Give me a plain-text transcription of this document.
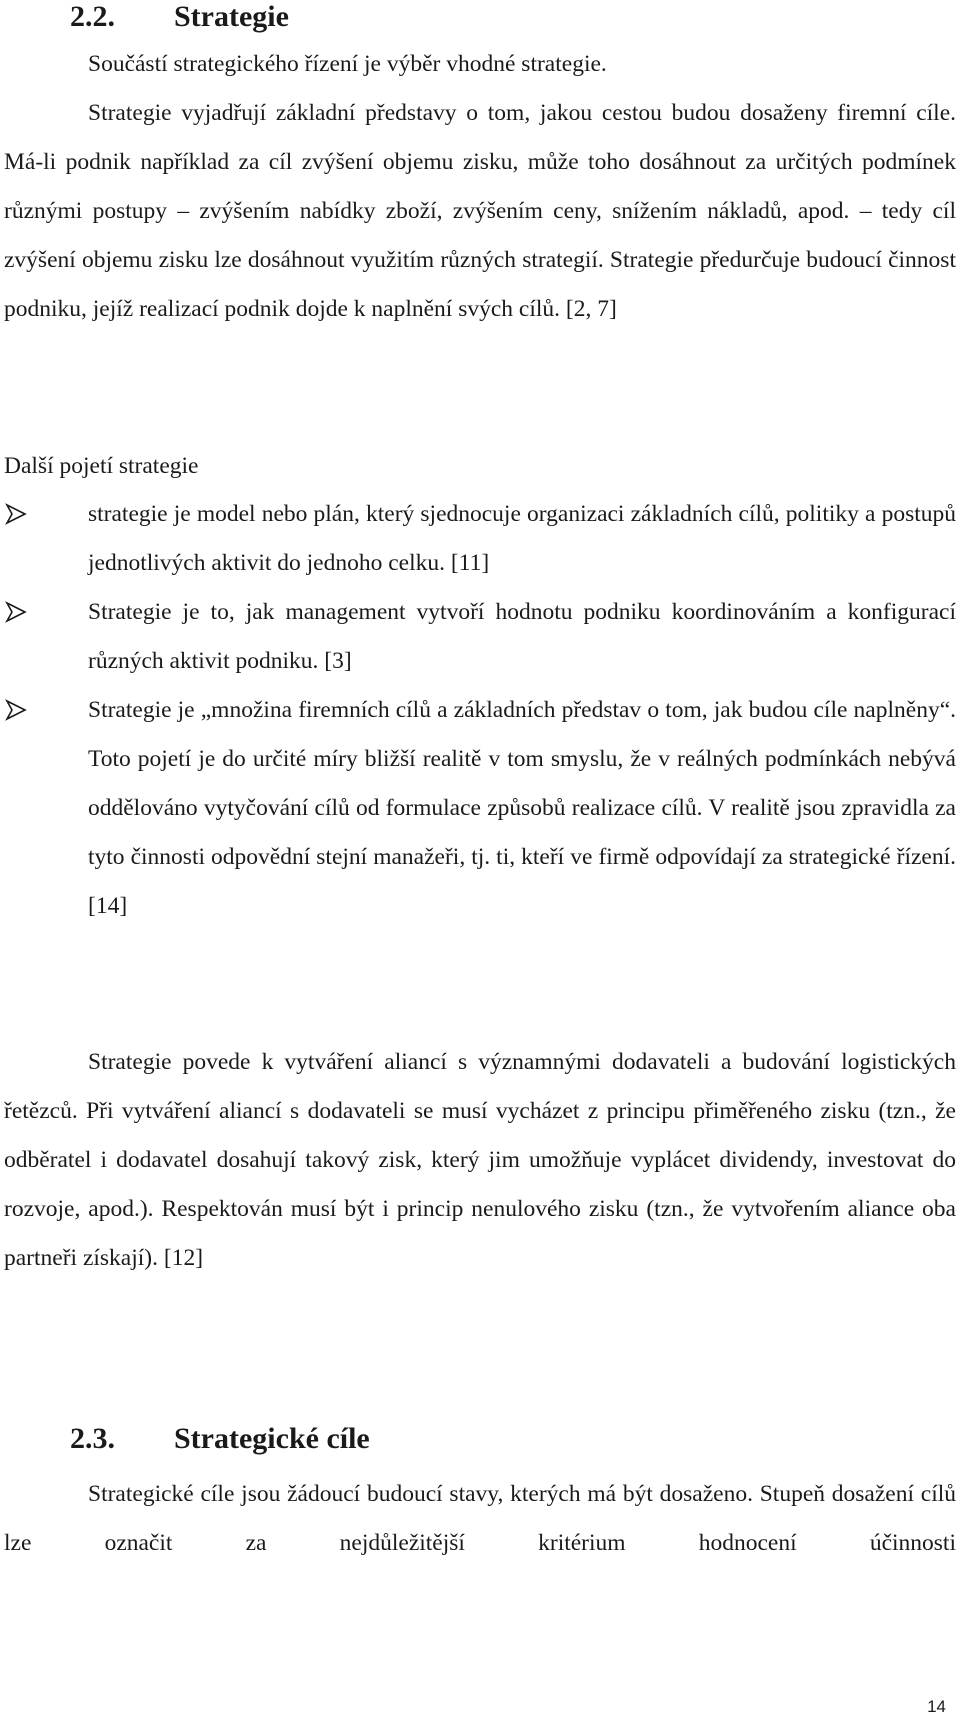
2.2. Strategie

Součástí strategického řízení je výběr vhodné strategie.

Strategie vyjadřují základní představy o tom, jakou cestou budou dosaženy firemní cíle. Má-li podnik například za cíl zvýšení objemu zisku, může toho dosáhnout za určitých podmínek různými postupy – zvýšením nabídky zboží, zvýšením ceny, snížením nákladů, apod. – tedy cíl zvýšení objemu zisku lze dosáhnout využitím různých strategií. Strategie předurčuje budoucí činnost podniku, jejíž realizací podnik dojde k naplnění svých cílů. [2, 7]

Další pojetí strategie

strategie je model nebo plán, který sjednocuje organizaci základních cílů, politiky a postupů jednotlivých aktivit do jednoho celku. [11]
Strategie je to, jak management vytvoří hodnotu podniku koordinováním a konfigurací různých aktivit podniku. [3]
Strategie je „množina firemních cílů a základních představ o tom, jak budou cíle naplněny“. Toto pojetí je do určité míry bližší realitě v tom smyslu, že v reálných podmínkách nebývá oddělováno vytyčování cílů od formulace způsobů realizace cílů. V realitě jsou zpravidla za tyto činnosti odpovědní stejní manažeři, tj. ti, kteří ve firmě odpovídají za strategické řízení. [14]

Strategie povede k vytváření aliancí s významnými dodavateli a budování logistických řetězců. Při vytváření aliancí s dodavateli se musí vycházet z principu přiměřeného zisku (tzn., že odběratel i dodavatel dosahují takový zisk, který jim umožňuje vyplácet dividendy, investovat do rozvoje, apod.). Respektován musí být i princip nenulového zisku (tzn., že vytvořením aliance oba partneři získají). [12]

2.3. Strategické cíle

Strategické cíle jsou žádoucí budoucí stavy, kterých má být dosaženo. Stupeň dosažení cílů lze označit za nejdůležitější kritérium hodnocení účinnosti

14
